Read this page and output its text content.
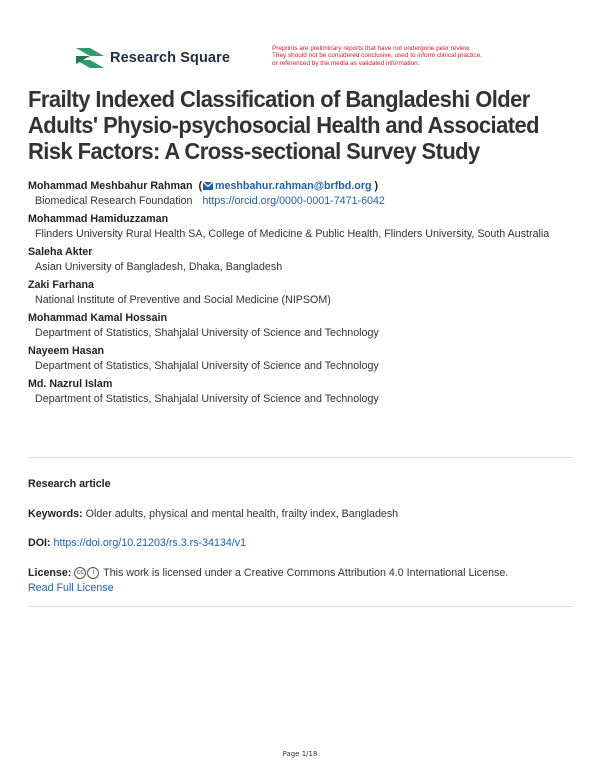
Research Square
Preprints are preliminary reports that have not undergone peer review.
They should not be considered conclusive, used to inform clinical practice,
or referenced by the media as validated information.
Frailty Indexed Classification of Bangladeshi Older Adults' Physio-psychosocial Health and Associated Risk Factors: A Cross-sectional Survey Study
Mohammad Meshbahur Rahman  ( meshbahur.rahman@brfbd.org )
Biomedical Research Foundation https://orcid.org/0000-0001-7471-6042
Mohammad Hamiduzzaman
Flinders University Rural Health SA, College of Medicine & Public Health, Flinders University, South Australia
Saleha Akter
Asian University of Bangladesh, Dhaka, Bangladesh
Zaki Farhana
National Institute of Preventive and Social Medicine (NIPSOM)
Mohammad Kamal Hossain
Department of Statistics, Shahjalal University of Science and Technology
Nayeem Hasan
Department of Statistics, Shahjalal University of Science and Technology
Md. Nazrul Islam
Department of Statistics, Shahjalal University of Science and Technology
Research article
Keywords: Older adults, physical and mental health, frailty index, Bangladesh
DOI: https://doi.org/10.21203/rs.3.rs-34134/v1
License: cc i This work is licensed under a Creative Commons Attribution 4.0 International License.
Read Full License
Page 1/18
